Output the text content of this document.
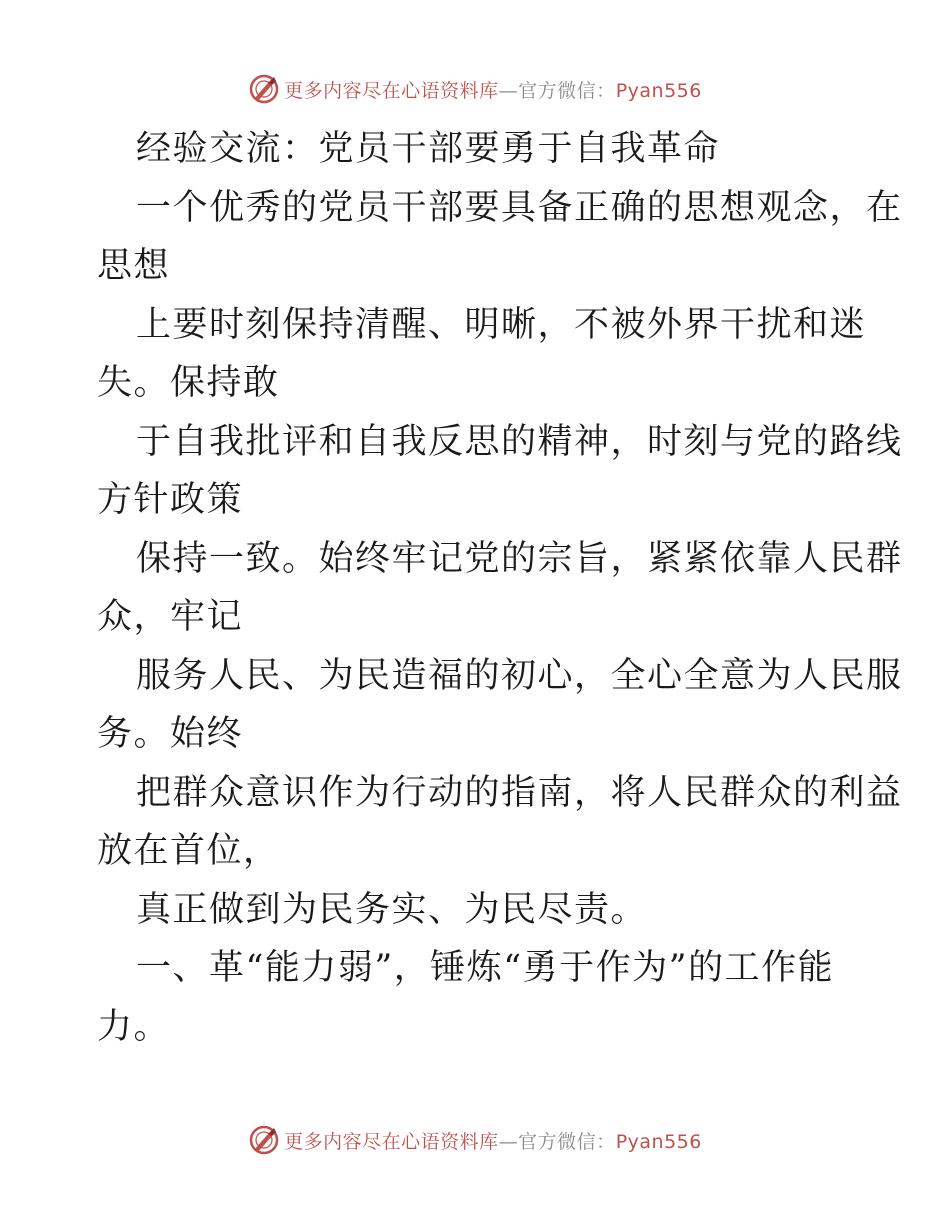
更多内容尽在心语资料库—官方微信：Pyan556
经验交流：党员干部要勇于自我革命
一个优秀的党员干部要具备正确的思想观念，在
思想
上要时刻保持清醒、明晰，不被外界干扰和迷
失。保持敢
于自我批评和自我反思的精神，时刻与党的路线
方针政策
保持一致。始终牢记党的宗旨，紧紧依靠人民群
众，牢记
服务人民、为民造福的初心，全心全意为人民服
务。始终
把群众意识作为行动的指南，将人民群众的利益
放在首位，
真正做到为民务实、为民尽责。
一、革“能力弱”，锤炼“勇于作为”的工作能
力。
更多内容尽在心语资料库—官方微信：Pyan556
